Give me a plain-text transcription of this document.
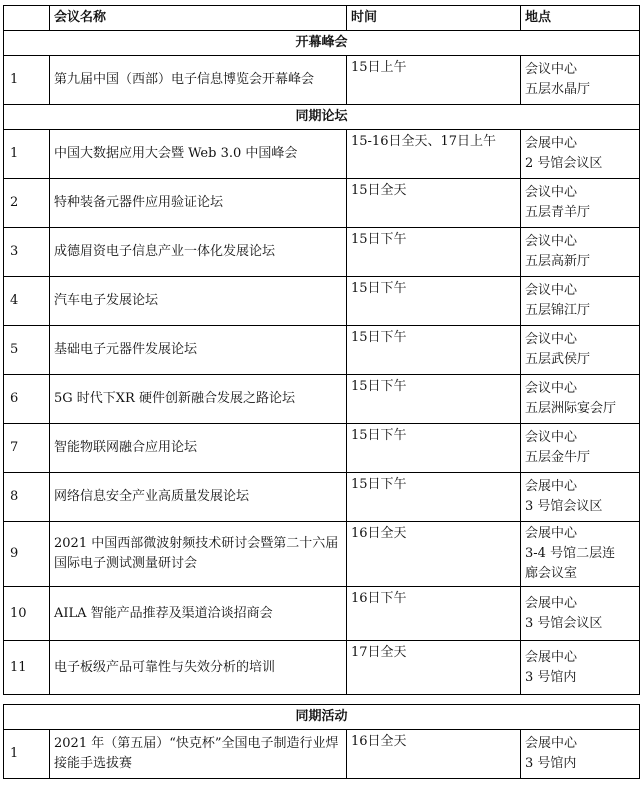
	会议名称	时间	地点
开幕峰会			
1	第九届中国（西部）电子信息博览会开幕峰会	15日上午	会议中心
五层水晶厅

同期论坛			
1	中国大数据应用大会暨 Web 3.0 中国峰会	15-16日全天、17日上午	会展中心
2 号馆会议区

2	特种装备元器件应用验证论坛	15日全天	会议中心
五层青羊厅

3	成德眉资电子信息产业一体化发展论坛	15日下午	会议中心
五层高新厅

4	汽车电子发展论坛	15日下午	会议中心
五层锦江厅

5	基础电子元器件发展论坛	15日下午	会议中心
五层武侯厅

6	5G 时代下XR 硬件创新融合发展之路论坛	15日下午	会议中心
五层洲际宴会厅

7	智能物联网融合应用论坛	15日下午	会议中心
五层金牛厅

8	网络信息安全产业高质量发展论坛	15日下午	会展中心
3 号馆会议区

9	2021 中国西部微波射频技术研讨会暨第二十六届国际电子测试测量研讨会	16日全天	会展中心
3-4 号馆二层连
廊会议室

10	AILA 智能产品推荐及渠道洽谈招商会	16日下午	会展中心
3 号馆会议区

11	电子板级产品可靠性与失效分析的培训	17日全天	会展中心
3 号馆内
同期活动
1	2021 年（第五届）“快克杯”全国电子制造行业焊接能手选拔赛	16日全天	会展中心
3 号馆内
